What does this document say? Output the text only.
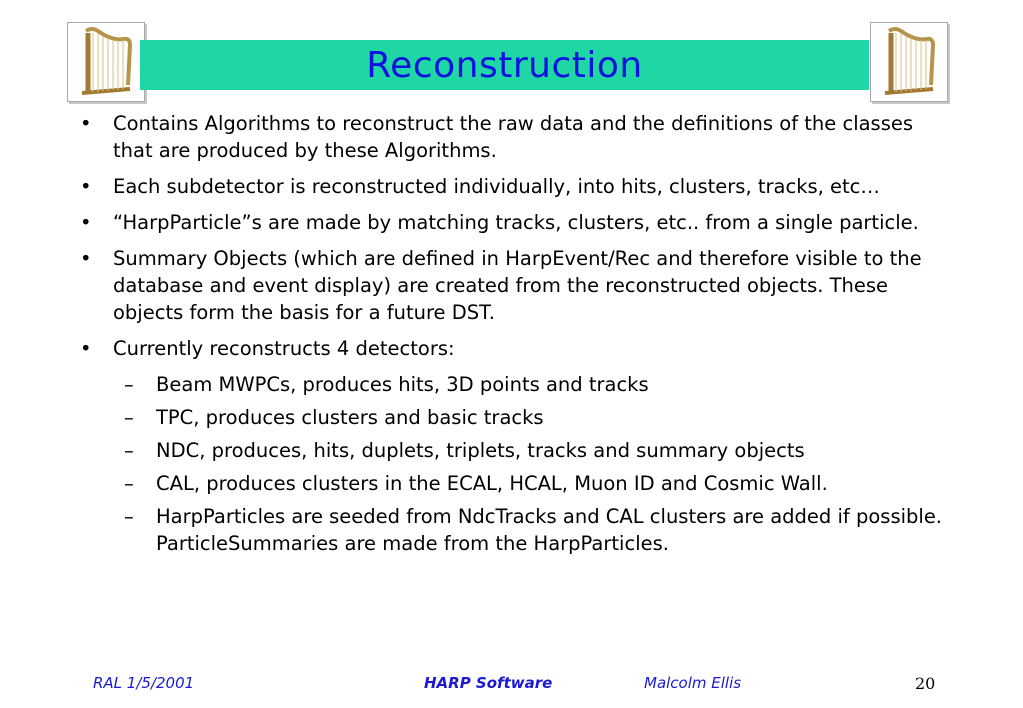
Reconstruction
• Contains Algorithms to reconstruct the raw data and the definitions of the classes that are produced by these Algorithms.
• Each subdetector is reconstructed individually, into hits, clusters, tracks, etc…
• “HarpParticle”s are made by matching tracks, clusters, etc.. from a single particle.
• Summary Objects (which are defined in HarpEvent/Rec and therefore visible to the database and event display) are created from the reconstructed objects. These objects form the basis for a future DST.
• Currently reconstructs 4 detectors:
– Beam MWPCs, produces hits, 3D points and tracks
– TPC, produces clusters and basic tracks
– NDC, produces, hits, duplets, triplets, tracks and summary objects
– CAL, produces clusters in the ECAL, HCAL, Muon ID and Cosmic Wall.
– HarpParticles are seeded from NdcTracks and CAL clusters are added if possible. ParticleSummaries are made from the HarpParticles.
RAL 1/5/2001	HARP Software	Malcolm Ellis	20
